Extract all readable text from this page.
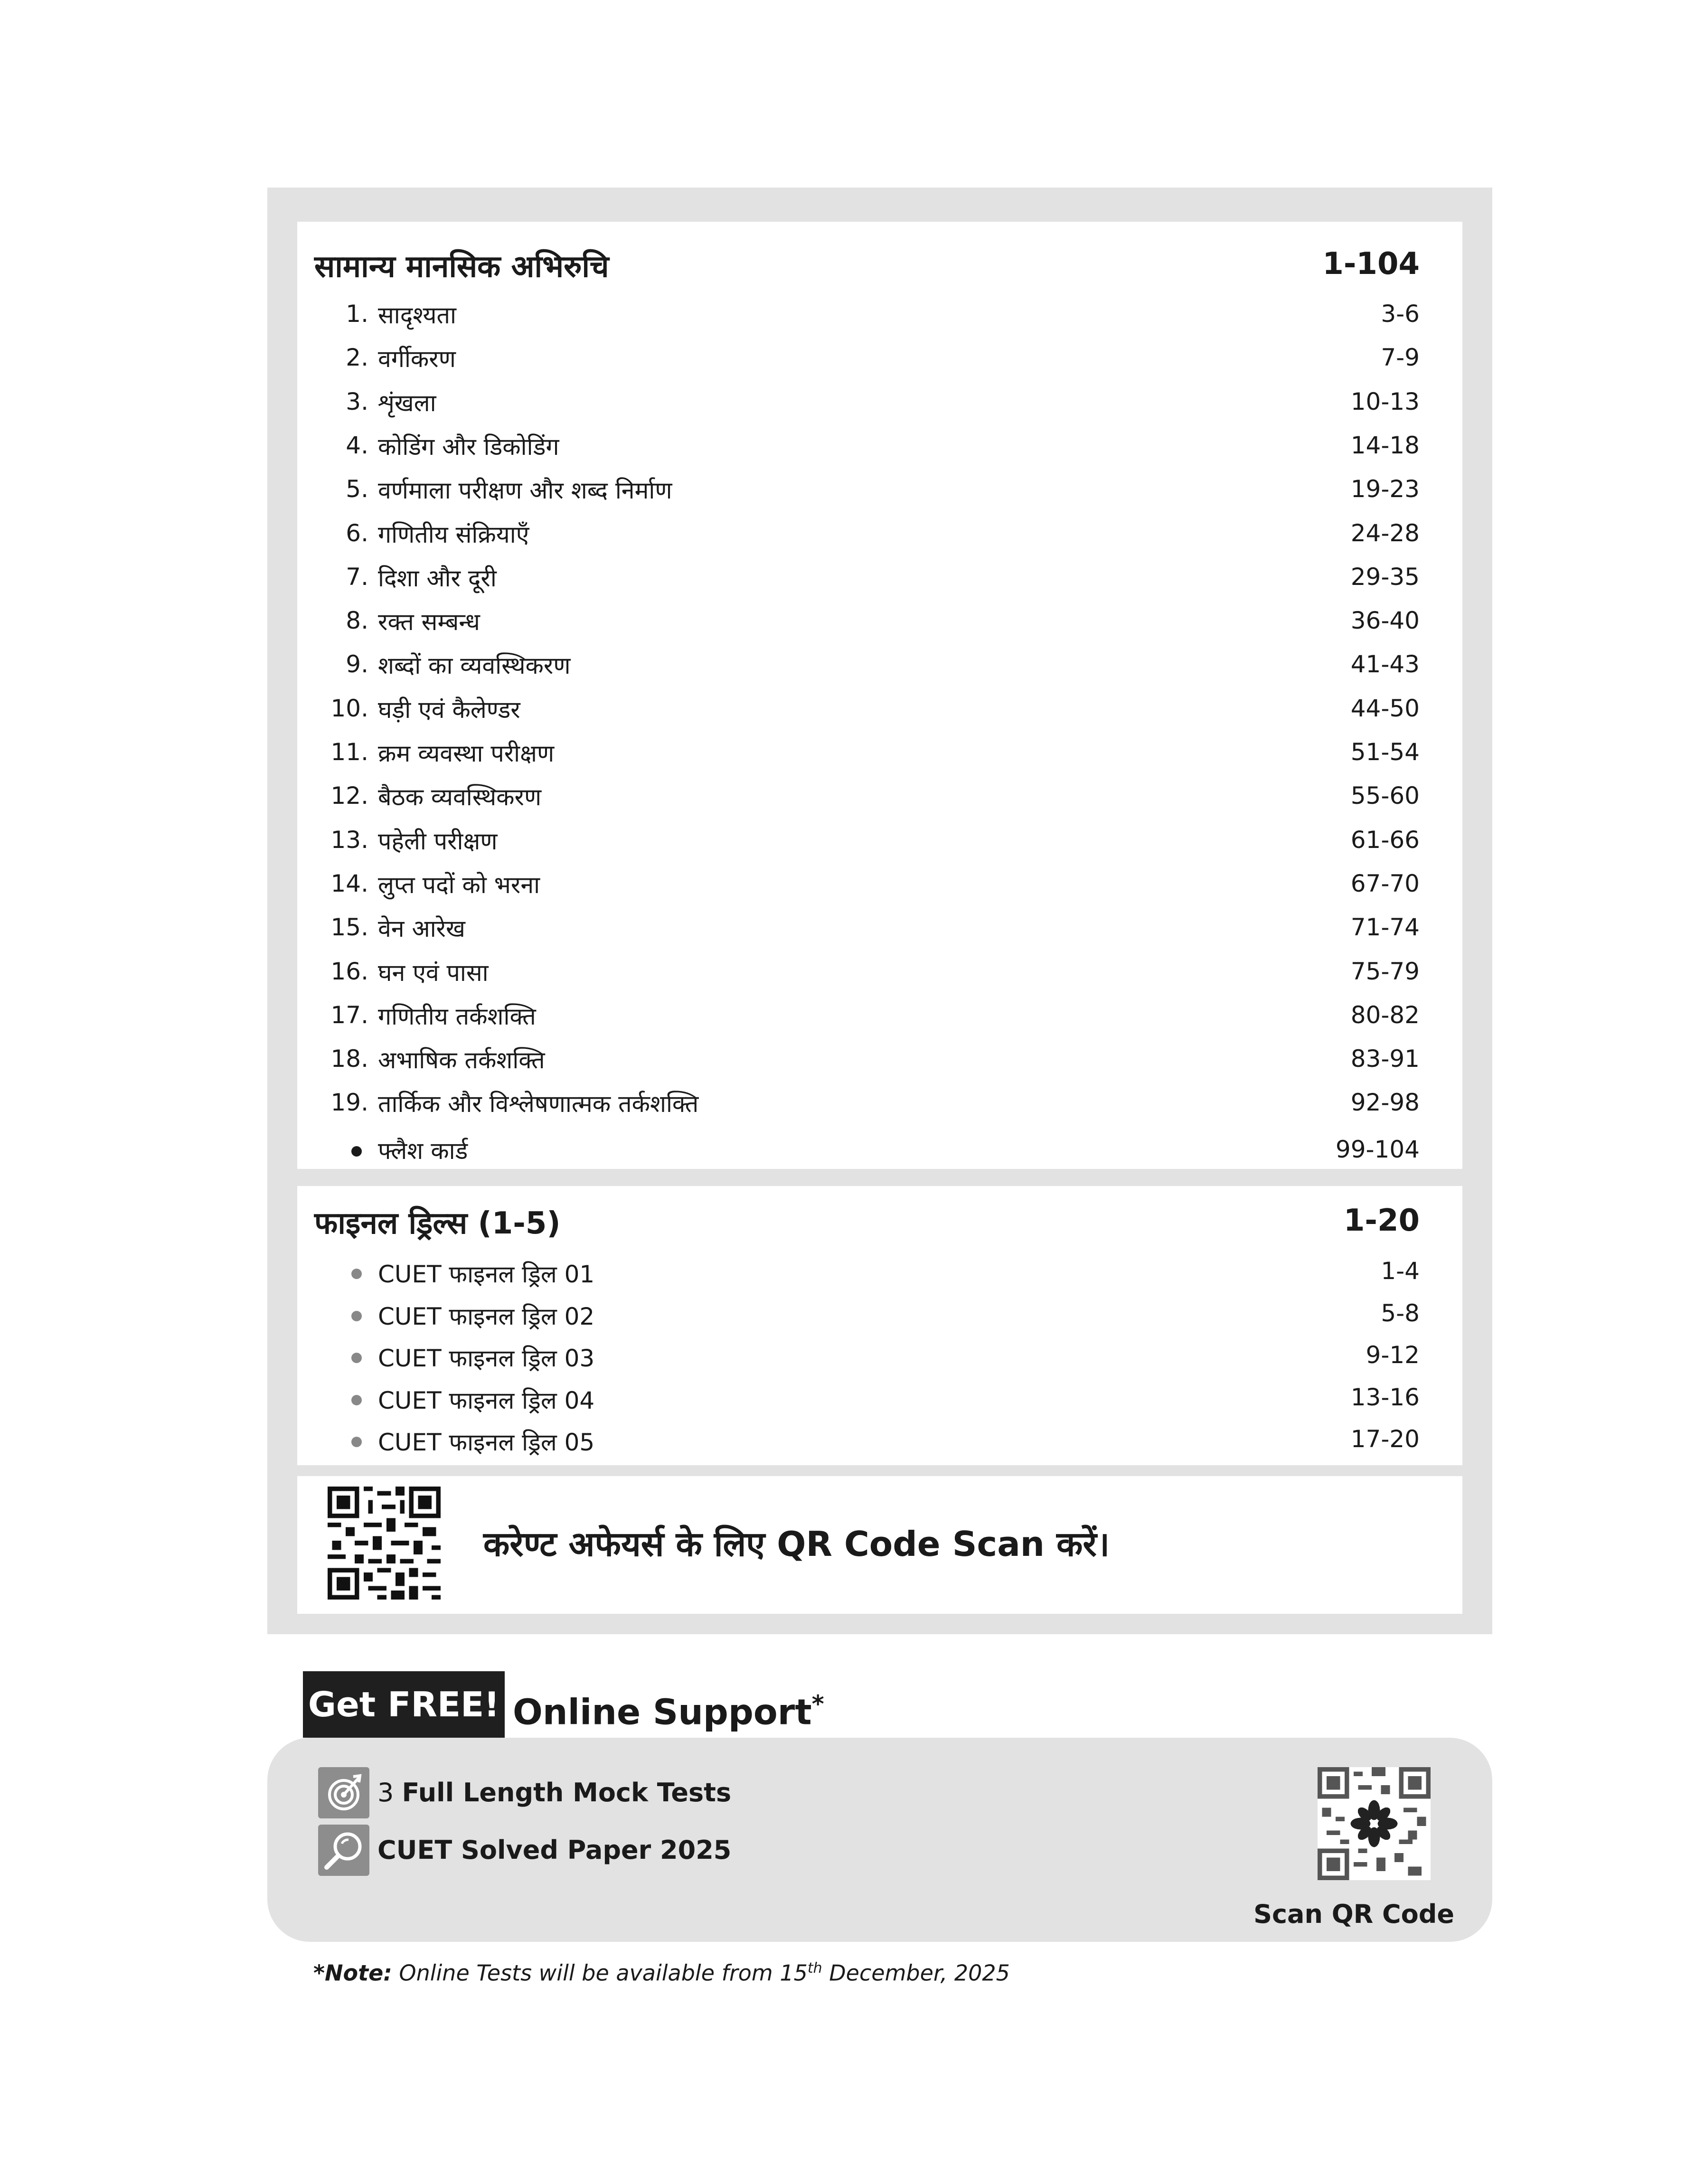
सामान्य मानसिक अभिरुचि	1-104
1. सादृश्यता	3-6
2. वर्गीकरण	7-9
3. शृंखला	10-13
4. कोडिंग और डिकोडिंग	14-18
5. वर्णमाला परीक्षण और शब्द निर्माण	19-23
6. गणितीय संक्रियाएँ	24-28
7. दिशा और दूरी	29-35
8. रक्त सम्बन्ध	36-40
9. शब्दों का व्यवस्थिकरण	41-43
10. घड़ी एवं कैलेण्डर	44-50
11. क्रम व्यवस्था परीक्षण	51-54
12. बैठक व्यवस्थिकरण	55-60
13. पहेली परीक्षण	61-66
14. लुप्त पदों को भरना	67-70
15. वेन आरेख	71-74
16. घन एवं पासा	75-79
17. गणितीय तर्कशक्ति	80-82
18. अभाषिक तर्कशक्ति	83-91
19. तार्किक और विश्लेषणात्मक तर्कशक्ति	92-98
फ्लैश कार्ड	99-104
फाइनल ड्रिल्स (1-5)	1-20
CUET फाइनल ड्रिल 01	1-4
CUET फाइनल ड्रिल 02	5-8
CUET फाइनल ड्रिल 03	9-12
CUET फाइनल ड्रिल 04	13-16
CUET फाइनल ड्रिल 05	17-20
करेण्ट अफेयर्स के लिए QR Code Scan करें।
Get FREE! Online Support*
3 Full Length Mock Tests
CUET Solved Paper 2025
Scan QR Code
*Note: Online Tests will be available from 15th December, 2025
